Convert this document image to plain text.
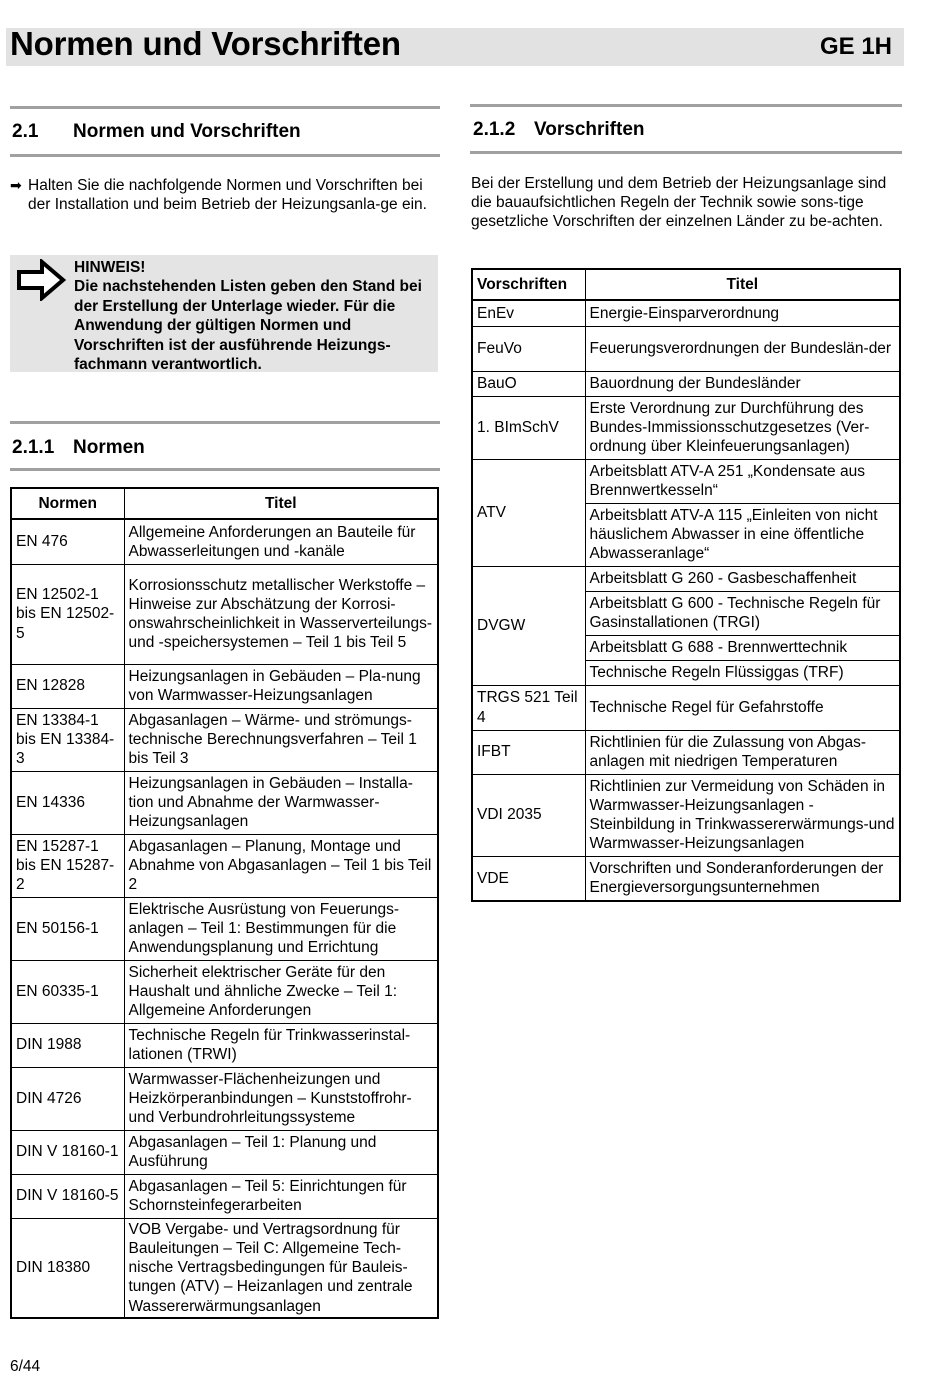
Normen und Vorschriften	GE 1H
2.1 Normen und Vorschriften
➡ Halten Sie die nachfolgende Normen und Vorschriften bei der Installation und beim Betrieb der Heizungsanla-ge ein.
HINWEIS!
Die nachstehenden Listen geben den Stand bei der Erstellung der Unterlage wieder. Für die Anwendung der gültigen Normen und Vorschriften ist der ausführende Heizungs-fachmann verantwortlich.
2.1.1 Normen
Normen	Titel
EN 476	Allgemeine Anforderungen an Bauteile für Abwasserleitungen und -kanäle
EN 12502-1 bis EN 12502-5	Korrosionsschutz metallischer Werkstoffe – Hinweise zur Abschätzung der Korrosi-onswahrscheinlichkeit in Wasserverteilungs- und -speichersystemen – Teil 1 bis Teil 5
EN 12828	Heizungsanlagen in Gebäuden – Pla-nung von Warmwasser-Heizungsanlagen
EN 13384-1 bis EN 13384-3	Abgasanlagen – Wärme- und strömungs-technische Berechnungsverfahren – Teil 1 bis Teil 3
EN 14336	Heizungsanlagen in Gebäuden – Installa-tion und Abnahme der Warmwasser-Heizungsanlagen
EN 15287-1 bis EN 15287-2	Abgasanlagen – Planung, Montage und Abnahme von Abgasanlagen – Teil 1 bis Teil 2
EN 50156-1	Elektrische Ausrüstung von Feuerungs-anlagen – Teil 1: Bestimmungen für die Anwendungsplanung und Errichtung
EN 60335-1	Sicherheit elektrischer Geräte für den Haushalt und ähnliche Zwecke – Teil 1: Allgemeine Anforderungen
DIN 1988	Technische Regeln für Trinkwasserinstal-lationen (TRWI)
DIN 4726	Warmwasser-Flächenheizungen und Heizkörperanbindungen – Kunststoffrohr-und Verbundrohrleitungssysteme
DIN V 18160-1	Abgasanlagen – Teil 1: Planung und Ausführung
DIN V 18160-5	Abgasanlagen – Teil 5: Einrichtungen für Schornsteinfegerarbeiten
DIN 18380	VOB Vergabe- und Vertragsordnung für Bauleitungen – Teil C: Allgemeine Tech-nische Vertragsbedingungen für Bauleis-tungen (ATV) – Heizanlagen und zentrale Wassererwärmungsanlagen
2.1.2 Vorschriften
Bei der Erstellung und dem Betrieb der Heizungsanlage sind die bauaufsichtlichen Regeln der Technik sowie sons-tige gesetzliche Vorschriften der einzelnen Länder zu be-achten.
Vorschriften	Titel
EnEv	Energie-Einsparverordnung
FeuVo	Feuerungsverordnungen der Bundeslän-der
BauO	Bauordnung der Bundesländer
1. BImSchV	Erste Verordnung zur Durchführung des Bundes-Immissionsschutzgesetzes (Ver-ordnung über Kleinfeuerungsanlagen)
ATV	Arbeitsblatt ATV-A 251 „Kondensate aus Brennwertkesseln“
	Arbeitsblatt ATV-A 115 „Einleiten von nicht häuslichem Abwasser in eine öffentliche Abwasseranlage“
DVGW	Arbeitsblatt G 260 - Gasbeschaffenheit
	Arbeitsblatt G 600 - Technische Regeln für Gasinstallationen (TRGI)
	Arbeitsblatt G 688 - Brennwerttechnik
	Technische Regeln Flüssiggas (TRF)
TRGS 521 Teil 4	Technische Regel für Gefahrstoffe
IFBT	Richtlinien für die Zulassung von Abgas-anlagen mit niedrigen Temperaturen
VDI 2035	Richtlinien zur Vermeidung von Schäden in Warmwasser-Heizungsanlagen - Steinbildung in Trinkwassererwärmungs-und Warmwasser-Heizungsanlagen
VDE	Vorschriften und Sonderanforderungen der Energieversorgungsunternehmen
6/44
